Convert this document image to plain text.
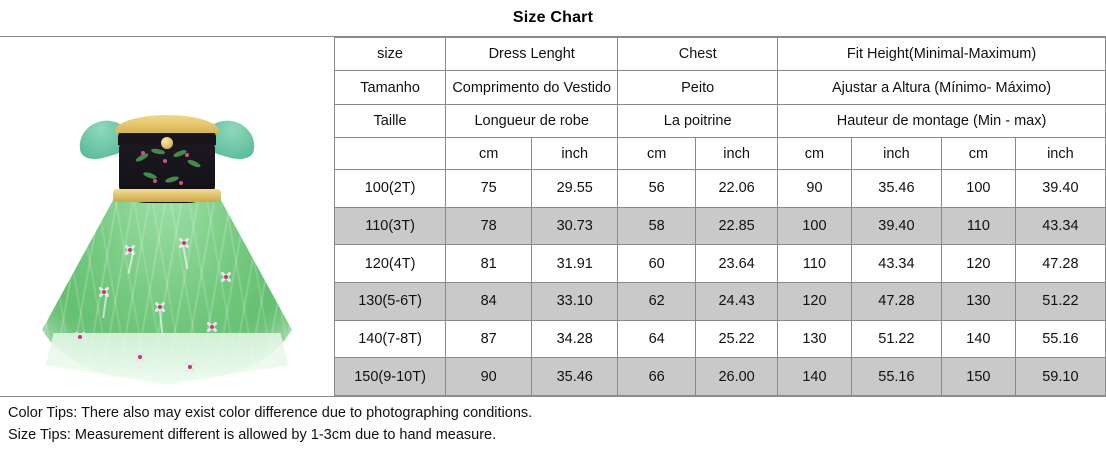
Size Chart
size	Dress Lenght		Chest		Fit Height(Minimal-Maximum)			
Tamanho	Comprimento do Vestido		Peito		Ajustar a Altura (Mínimo- Máximo)			
Taille	Longueur de robe		La poitrine		Hauteur de montage (Min - max)			
	cm	inch	cm	inch	cm	inch	cm	inch
100(2T)	75	29.55	56	22.06	90	35.46	100	39.40
110(3T)	78	30.73	58	22.85	100	39.40	110	43.34
120(4T)	81	31.91	60	23.64	110	43.34	120	47.28
130(5-6T)	84	33.10	62	24.43	120	47.28	130	51.22
140(7-8T)	87	34.28	64	25.22	130	51.22	140	55.16
150(9-10T)	90	35.46	66	26.00	140	55.16	150	59.10
Color Tips: There also may exist color difference due to photographing conditions.
Size Tips: Measurement different is allowed by 1-3cm due to hand measure.
